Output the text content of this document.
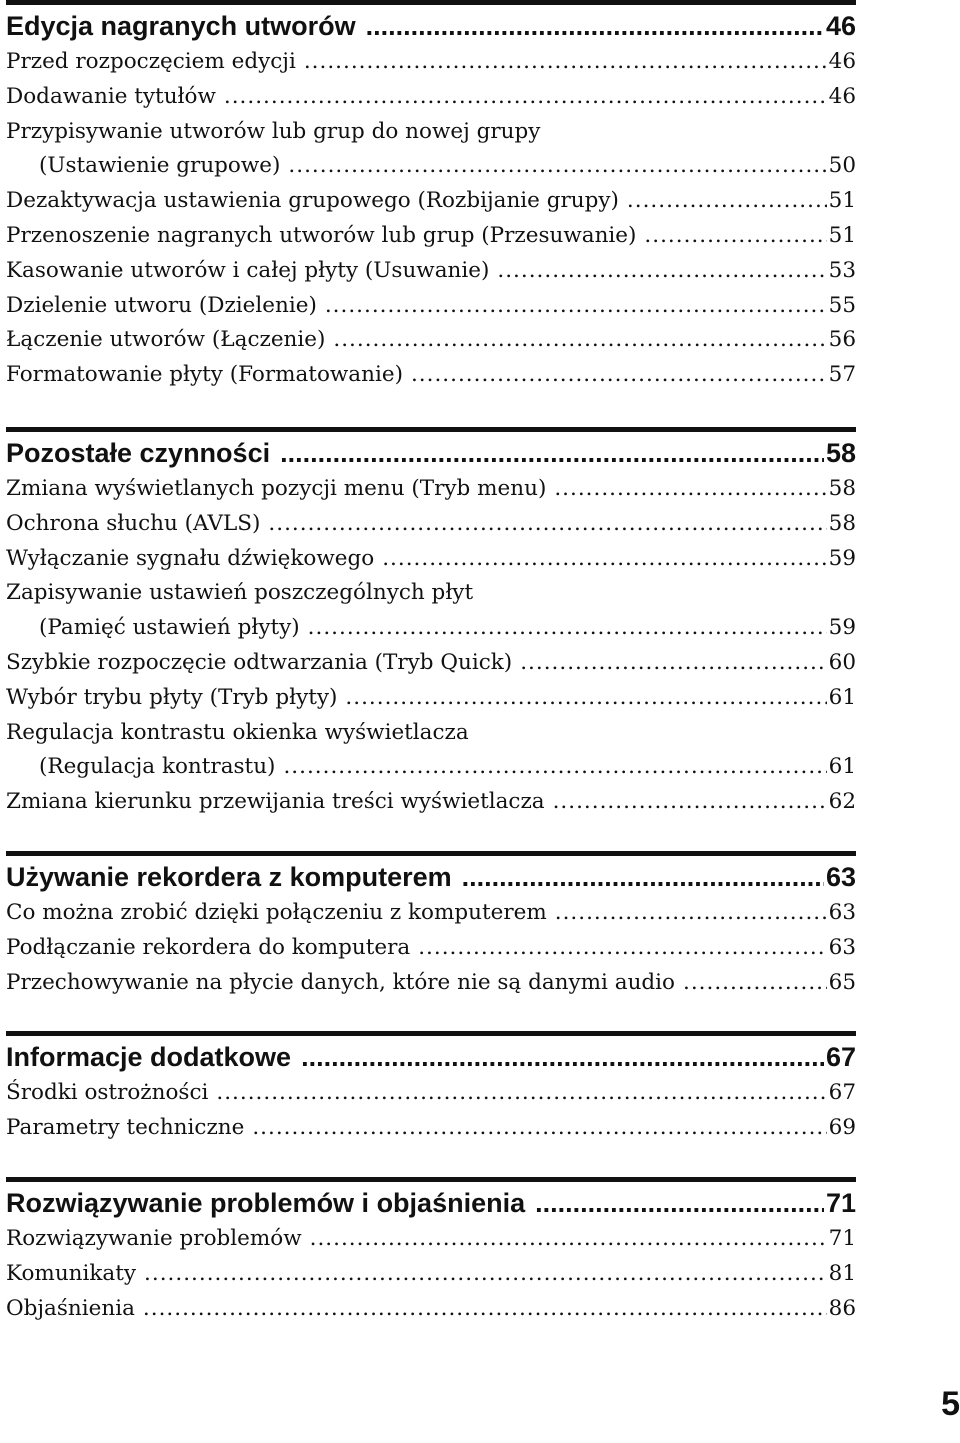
Edycja nagranych utworów .....	46
Przed rozpoczęciem edycji .....	46
Dodawanie tytułów .....	46
Przypisywanie utworów lub grup do nowej grupy
(Ustawienie grupowe) .....	50
Dezaktywacja ustawienia grupowego (Rozbijanie grupy) .....	51
Przenoszenie nagranych utworów lub grup (Przesuwanie) .....	51
Kasowanie utworów i całej płyty (Usuwanie) .....	53
Dzielenie utworu (Dzielenie) .....	55
Łączenie utworów (Łączenie) .....	56
Formatowanie płyty (Formatowanie) .....	57
Pozostałe czynności .....	58
Zmiana wyświetlanych pozycji menu (Tryb menu) .....	58
Ochrona słuchu (AVLS) .....	58
Wyłączanie sygnału dźwiękowego .....	59
Zapisywanie ustawień poszczególnych płyt
(Pamięć ustawień płyty) .....	59
Szybkie rozpoczęcie odtwarzania (Tryb Quick) .....	60
Wybór trybu płyty (Tryb płyty) .....	61
Regulacja kontrastu okienka wyświetlacza
(Regulacja kontrastu) .....	61
Zmiana kierunku przewijania treści wyświetlacza .....	62
Używanie rekordera z komputerem .....	63
Co można zrobić dzięki połączeniu z komputerem .....	63
Podłączanie rekordera do komputera .....	63
Przechowywanie na płycie danych, które nie są danymi audio .....	65
Informacje dodatkowe .....	67
Środki ostrożności .....	67
Parametry techniczne .....	69
Rozwiązywanie problemów i objaśnienia .....	71
Rozwiązywanie problemów .....	71
Komunikaty .....	81
Objaśnienia .....	86
5
